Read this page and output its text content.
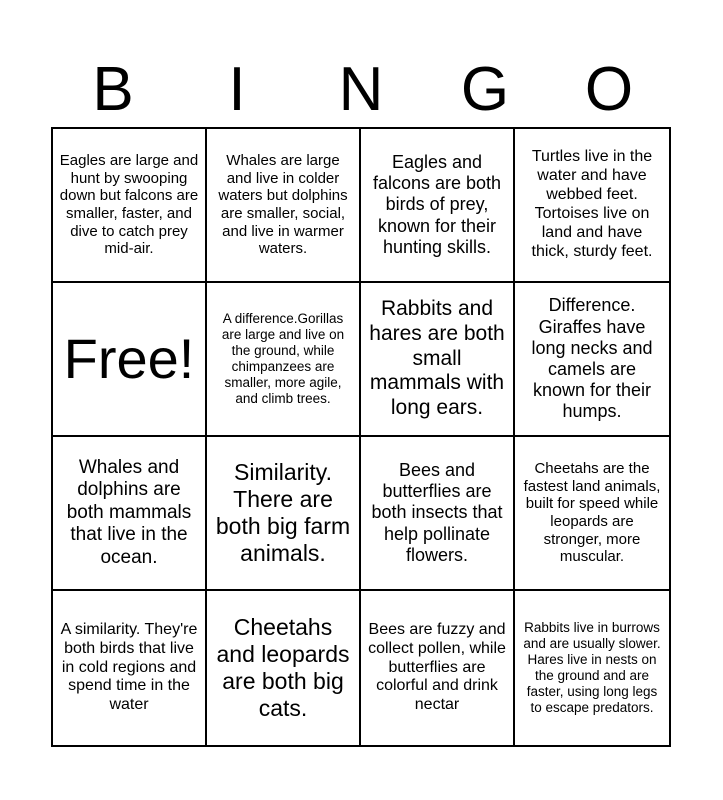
B	I	N	G	O
Eagles are large and hunt by swooping down but falcons are smaller, faster, and dive to catch prey mid-air.
Whales are large and live in colder waters but dolphins are smaller, social, and live in warmer waters.
Eagles and falcons are both birds of prey, known for their hunting skills.
Turtles live in the water and have webbed feet. Tortoises live on land and have thick, sturdy feet.
Free!
A difference.Gorillas are large and live on the ground, while chimpanzees are smaller, more agile, and climb trees.
Rabbits and hares are both small mammals with long ears.
Difference. Giraffes have long necks and camels are known for their humps.
Whales and dolphins are both mammals that live in the ocean.
Similarity. There are both big farm animals.
Bees and butterflies are both insects that help pollinate flowers.
Cheetahs are the fastest land animals, built for speed while leopards are stronger, more muscular.
A similarity. They're both birds that live in cold regions and spend time in the water
Cheetahs and leopards are both big cats.
Bees are fuzzy and collect pollen, while butterflies are colorful and drink nectar
Rabbits live in burrows and are usually slower. Hares live in nests on the ground and are faster, using long legs to escape predators.
